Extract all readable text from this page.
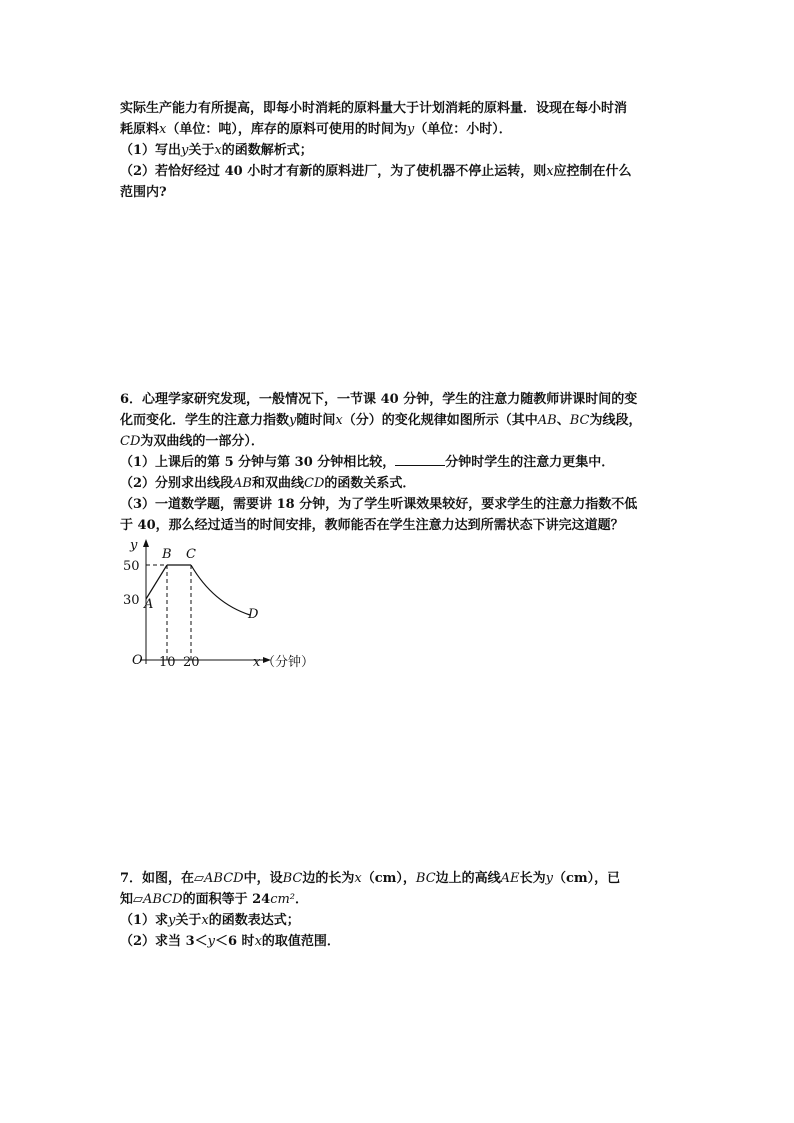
实际生产能力有所提高，即每小时消耗的原料量大于计划消耗的原料量．设现在每小时消

耗原料x（单位：吨），库存的原料可使用的时间为y（单位：小时）．

（1）写出y关于x的函数解析式；

（2）若恰好经过 40 小时才有新的原料进厂，为了使机器不停止运转，则x应控制在什么

范围内?

6．心理学家研究发现，一般情况下，一节课 40 分钟，学生的注意力随教师讲课时间的变

化而变化．学生的注意力指数y随时间x（分）的变化规律如图所示（其中AB、BC为线段，

CD为双曲线的一部分）．

（1）上课后的第 5 分钟与第 30 分钟相比较，	分钟时学生的注意力更集中．

（2）分别求出线段AB和双曲线CD的函数关系式．

（3）一道数学题，需要讲 18 分钟，为了学生听课效果较好，要求学生的注意力指数不低

于 40，那么经过适当的时间安排，教师能否在学生注意力达到所需状态下讲完这道题？

y
50
30 A
B C
D
O 10 20	x （分钟）

7．如图，在▱ABCD中，设BC边的长为x（cm），BC边上的高线AE长为y（cm），已

知▱ABCD的面积等于 24cm²．

（1）求y关于x的函数表达式；

（2）求当 3＜y＜6 时x的取值范围．
